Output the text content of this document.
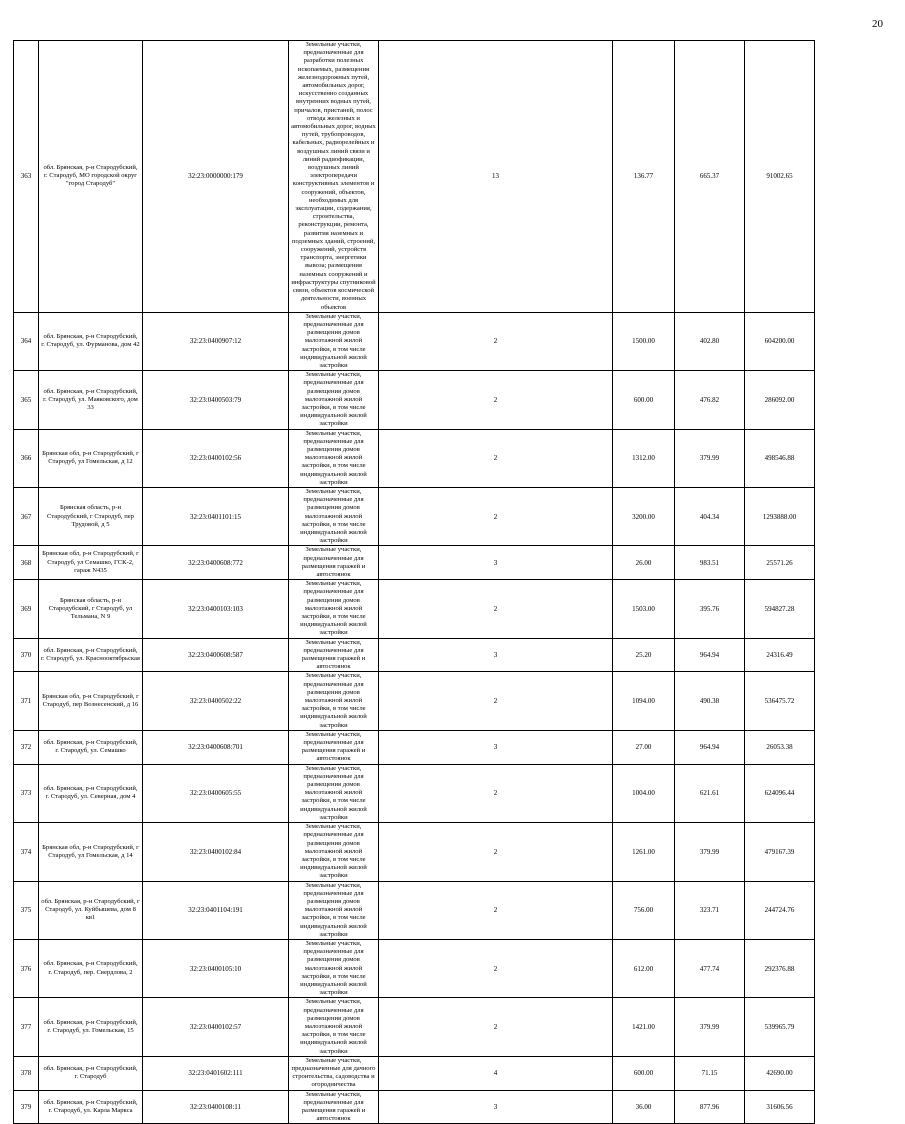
20
363	обл. Брянская, р-н Стародубский, г. Стародуб, МО городской округ "город Стародуб"	32:23:0000000:179	Земельные участки, предназначенные для разработки полезных ископаемых, размещения железнодорожных путей, автомобильных дорог, искусственно созданных внутренних водных путей, причалов, пристаней, полос отвода железных и автомобильных дорог, водных путей, трубопроводов, кабельных, радиорелейных и воздушных линий связи и линий радиофикации, воздушных линий электропередачи конструктивных элементов и сооружений, объектов, необходимых для эксплуатации, содержания, строительства, реконструкции, ремонта, развития наземных и подземных зданий, строений, сооружений, устройств транспорта, энергетики вывоза; размещения наземных сооружений и инфраструктуры спутниковой связи, объектов космической деятельности, военных объектов	13	136.77	665.37	91002.65
364	обл. Брянская, р-н Стародубский, г. Стародуб, ул. Фурманова, дом 42	32:23:0400907:12	Земельные участки, предназначенные для размещения домов малоэтажной жилой застройки, в том числе индивидуальной жилой застройки	2	1500.00	402.80	604200.00
365	обл. Брянская, р-н Стародубский, г. Стародуб, ул. Маяковского, дом 33	32:23:0400503:79	Земельные участки, предназначенные для размещения домов малоэтажной жилой застройки, в том числе индивидуальной жилой застройки	2	600.00	476.82	286092.00
366	Брянская обл, р-н Стародубский, г Стародуб, ул Гомельская, д 12	32:23:0400102:56	Земельные участки, предназначенные для размещения домов малоэтажной жилой застройки, в том числе индивидуальной жилой застройки	2	1312.00	379.99	498546.88
367	Брянская область, р-н Стародубский, г Стародуб, пер Трудовой, д 5	32:23:0401101:15	Земельные участки, предназначенные для размещения домов малоэтажной жилой застройки, в том числе индивидуальной жилой застройки	2	3200.00	404.34	1293888.00
368	Брянская обл, р-н Стародубский, г Стародуб, ул Семашко, ГСК-2, гараж N435	32:23:0400608:772	Земельные участки, предназначенные для размещения гаражей и автостоянок	3	26.00	983.51	25571.26
369	Брянская область, р-н Стародубский, г Стародуб, ул Тельмана, N 9	32:23:0400103:103	Земельные участки, предназначенные для размещения домов малоэтажной жилой застройки, в том числе индивидуальной жилой застройки	2	1503.00	395.76	594827.28
370	обл. Брянская, р-н Стародубский, г. Стародуб, ул. Краснооктябрьская	32:23:0400608:587	Земельные участки, предназначенные для размещения гаражей и автостоянок	3	25.20	964.94	24316.49
371	Брянская обл, р-н Стародубский, г Стародуб, пер Вознесенский, д 16	32:23:0400502:22	Земельные участки, предназначенные для размещения домов малоэтажной жилой застройки, в том числе индивидуальной жилой застройки	2	1094.00	490.38	536475.72
372	обл. Брянская, р-н Стародубский, г. Стародуб, ул. Семашко	32:23:0400608:701	Земельные участки, предназначенные для размещения гаражей и автостоянок	3	27.00	964.94	26053.38
373	обл. Брянская, р-н Стародубский, г. Стародуб, ул. Северная, дом 4	32:23:0400605:55	Земельные участки, предназначенные для размещения домов малоэтажной жилой застройки, в том числе индивидуальной жилой застройки	2	1004.00	621.61	624096.44
374	Брянская обл, р-н Стародубский, г Стародуб, ул Гомельская, д 14	32:23:0400102:84	Земельные участки, предназначенные для размещения домов малоэтажной жилой застройки, в том числе индивидуальной жилой застройки	2	1261.00	379.99	479167.39
375	обл. Брянская, р-н Стародубский, г Стародуб, ул. Куйбышева, дом 8 кв1	32:23:0401104:191	Земельные участки, предназначенные для размещения домов малоэтажной жилой застройки, в том числе индивидуальной жилой застройки	2	756.00	323.71	244724.76
376	обл. Брянская, р-н Стародубский, г. Стародуб, пер. Свердлова, 2	32:23:0400105:10	Земельные участки, предназначенные для размещения домов малоэтажной жилой застройки, в том числе индивидуальной жилой застройки	2	612.00	477.74	292376.88
377	обл. Брянская, р-н Стародубский, г. Стародуб, ул. Гомельская, 15	32:23:0400102:57	Земельные участки, предназначенные для размещения домов малоэтажной жилой застройки, в том числе индивидуальной жилой застройки	2	1421.00	379.99	539965.79
378	обл. Брянская, р-н Стародубский, г. Стародуб	32:23:0401602:111	Земельные участки, предназначенные для дачного строительства, садоводства и огородничества	4	600.00	71.15	42690.00
379	обл. Брянская, р-н Стародубский, г. Стародуб, ул. Карла Маркса	32:23:0400108:11	Земельные участки, предназначенные для размещения гаражей и автостоянок	3	36.00	877.96	31606.56
